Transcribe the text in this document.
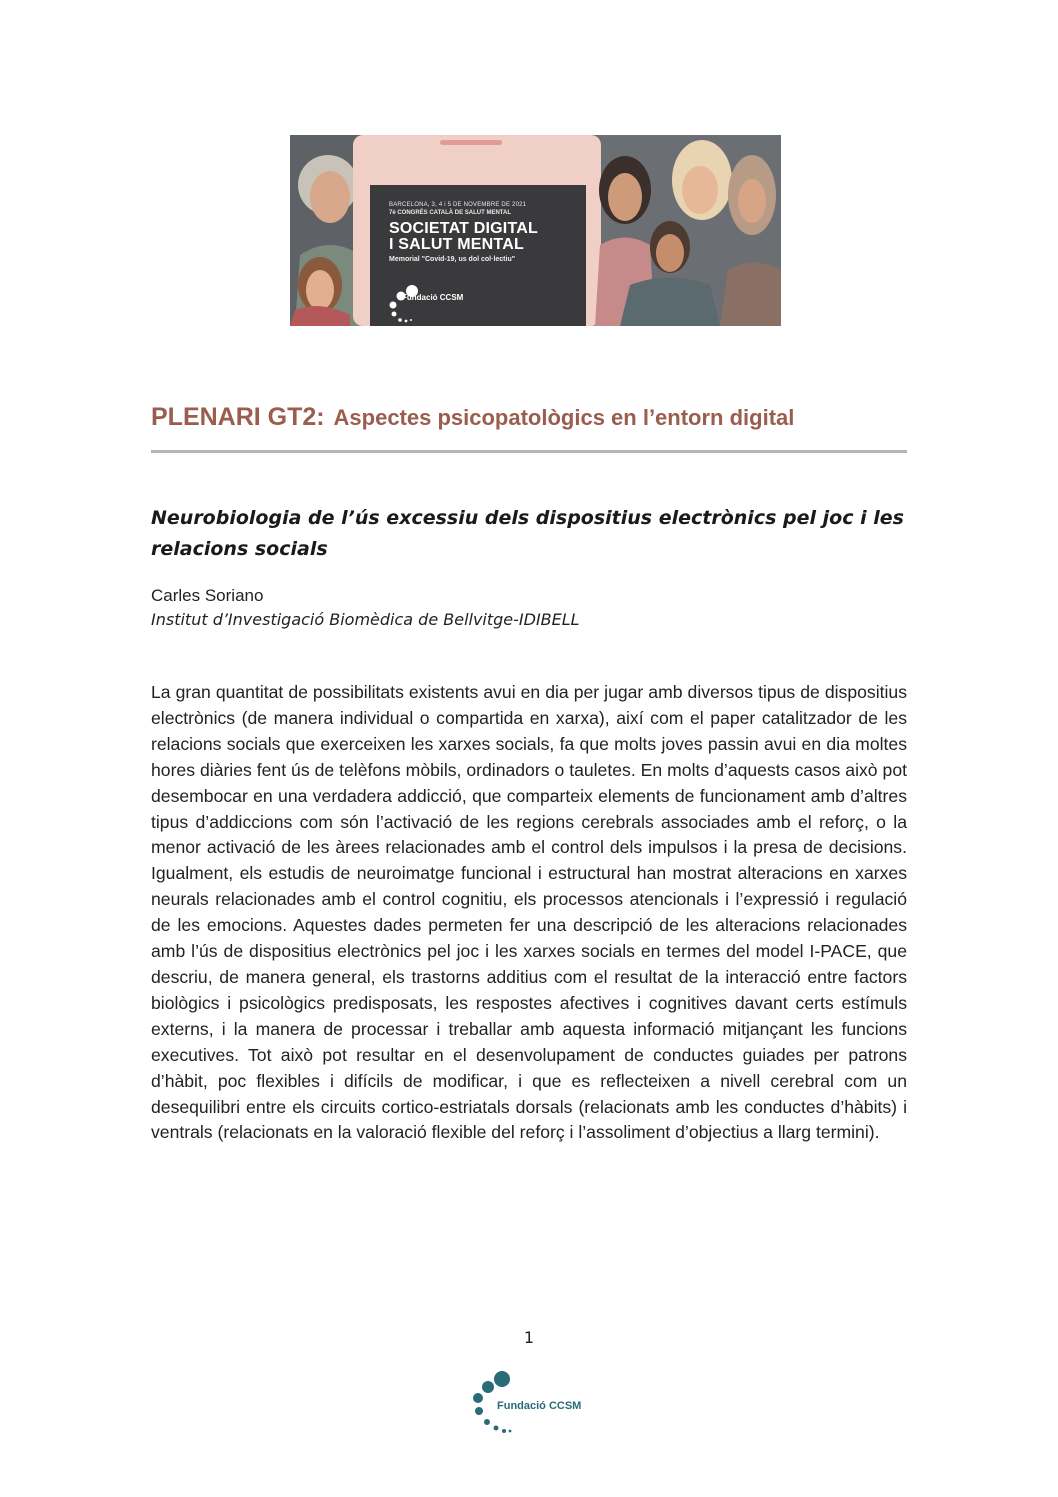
BARCELONA, 3, 4 i 5 DE NOVEMBRE DE 2021
7è CONGRÉS CATALÀ DE SALUT MENTAL
SOCIETAT DIGITAL
I SALUT MENTAL
Memorial "Covid-19, us dol col·lectiu"
Fundació CCSM
PLENARI GT2: Aspectes psicopatològics en l’entorn digital
Neurobiologia de l’ús excessiu dels dispositius electrònics pel joc i les relacions socials
Carles Soriano
Institut d’Investigació Biomèdica de Bellvitge-IDIBELL

La gran quantitat de possibilitats existents avui en dia per jugar amb diversos tipus de dispositius electrònics (de manera individual o compartida en xarxa), així com el paper catalitzador de les relacions socials que exerceixen les xarxes socials, fa que molts joves passin avui en dia moltes hores diàries fent ús de telèfons mòbils, ordinadors o tauletes. En molts d’aquests casos això pot desembocar en una verdadera addicció, que comparteix elements de funcionament amb d’altres tipus d’addiccions com són l’activació de les regions cerebrals associades amb el reforç, o la menor activació de les àrees relacionades amb el control dels impulsos i la presa de decisions. Igualment, els estudis de neuroimatge funcional i estructural han mostrat alteracions en xarxes neurals relacionades amb el control cognitiu, els processos atencionals i l’expressió i regulació de les emocions. Aquestes dades permeten fer una descripció de les alteracions relacionades amb l’ús de dispositius electrònics pel joc i les xarxes socials en termes del model I-PACE, que descriu, de manera general, els trastorns additius com el resultat de la interacció entre factors biològics i psicològics predisposats, les respostes afectives i cognitives davant certs estímuls externs, i la manera de processar i treballar amb aquesta informació mitjançant les funcions executives. Tot això pot resultar en el desenvolupament de conductes guiades per patrons d’hàbit, poc flexibles i difícils de modificar, i que es reflecteixen a nivell cerebral com un desequilibri entre els circuits cortico-estriatals dorsals (relacionats amb les conductes d’hàbits) i ventrals (relacionats en la valoració flexible del reforç i l’assoliment d’objectius a llarg termini).

1
Fundació CCSM
